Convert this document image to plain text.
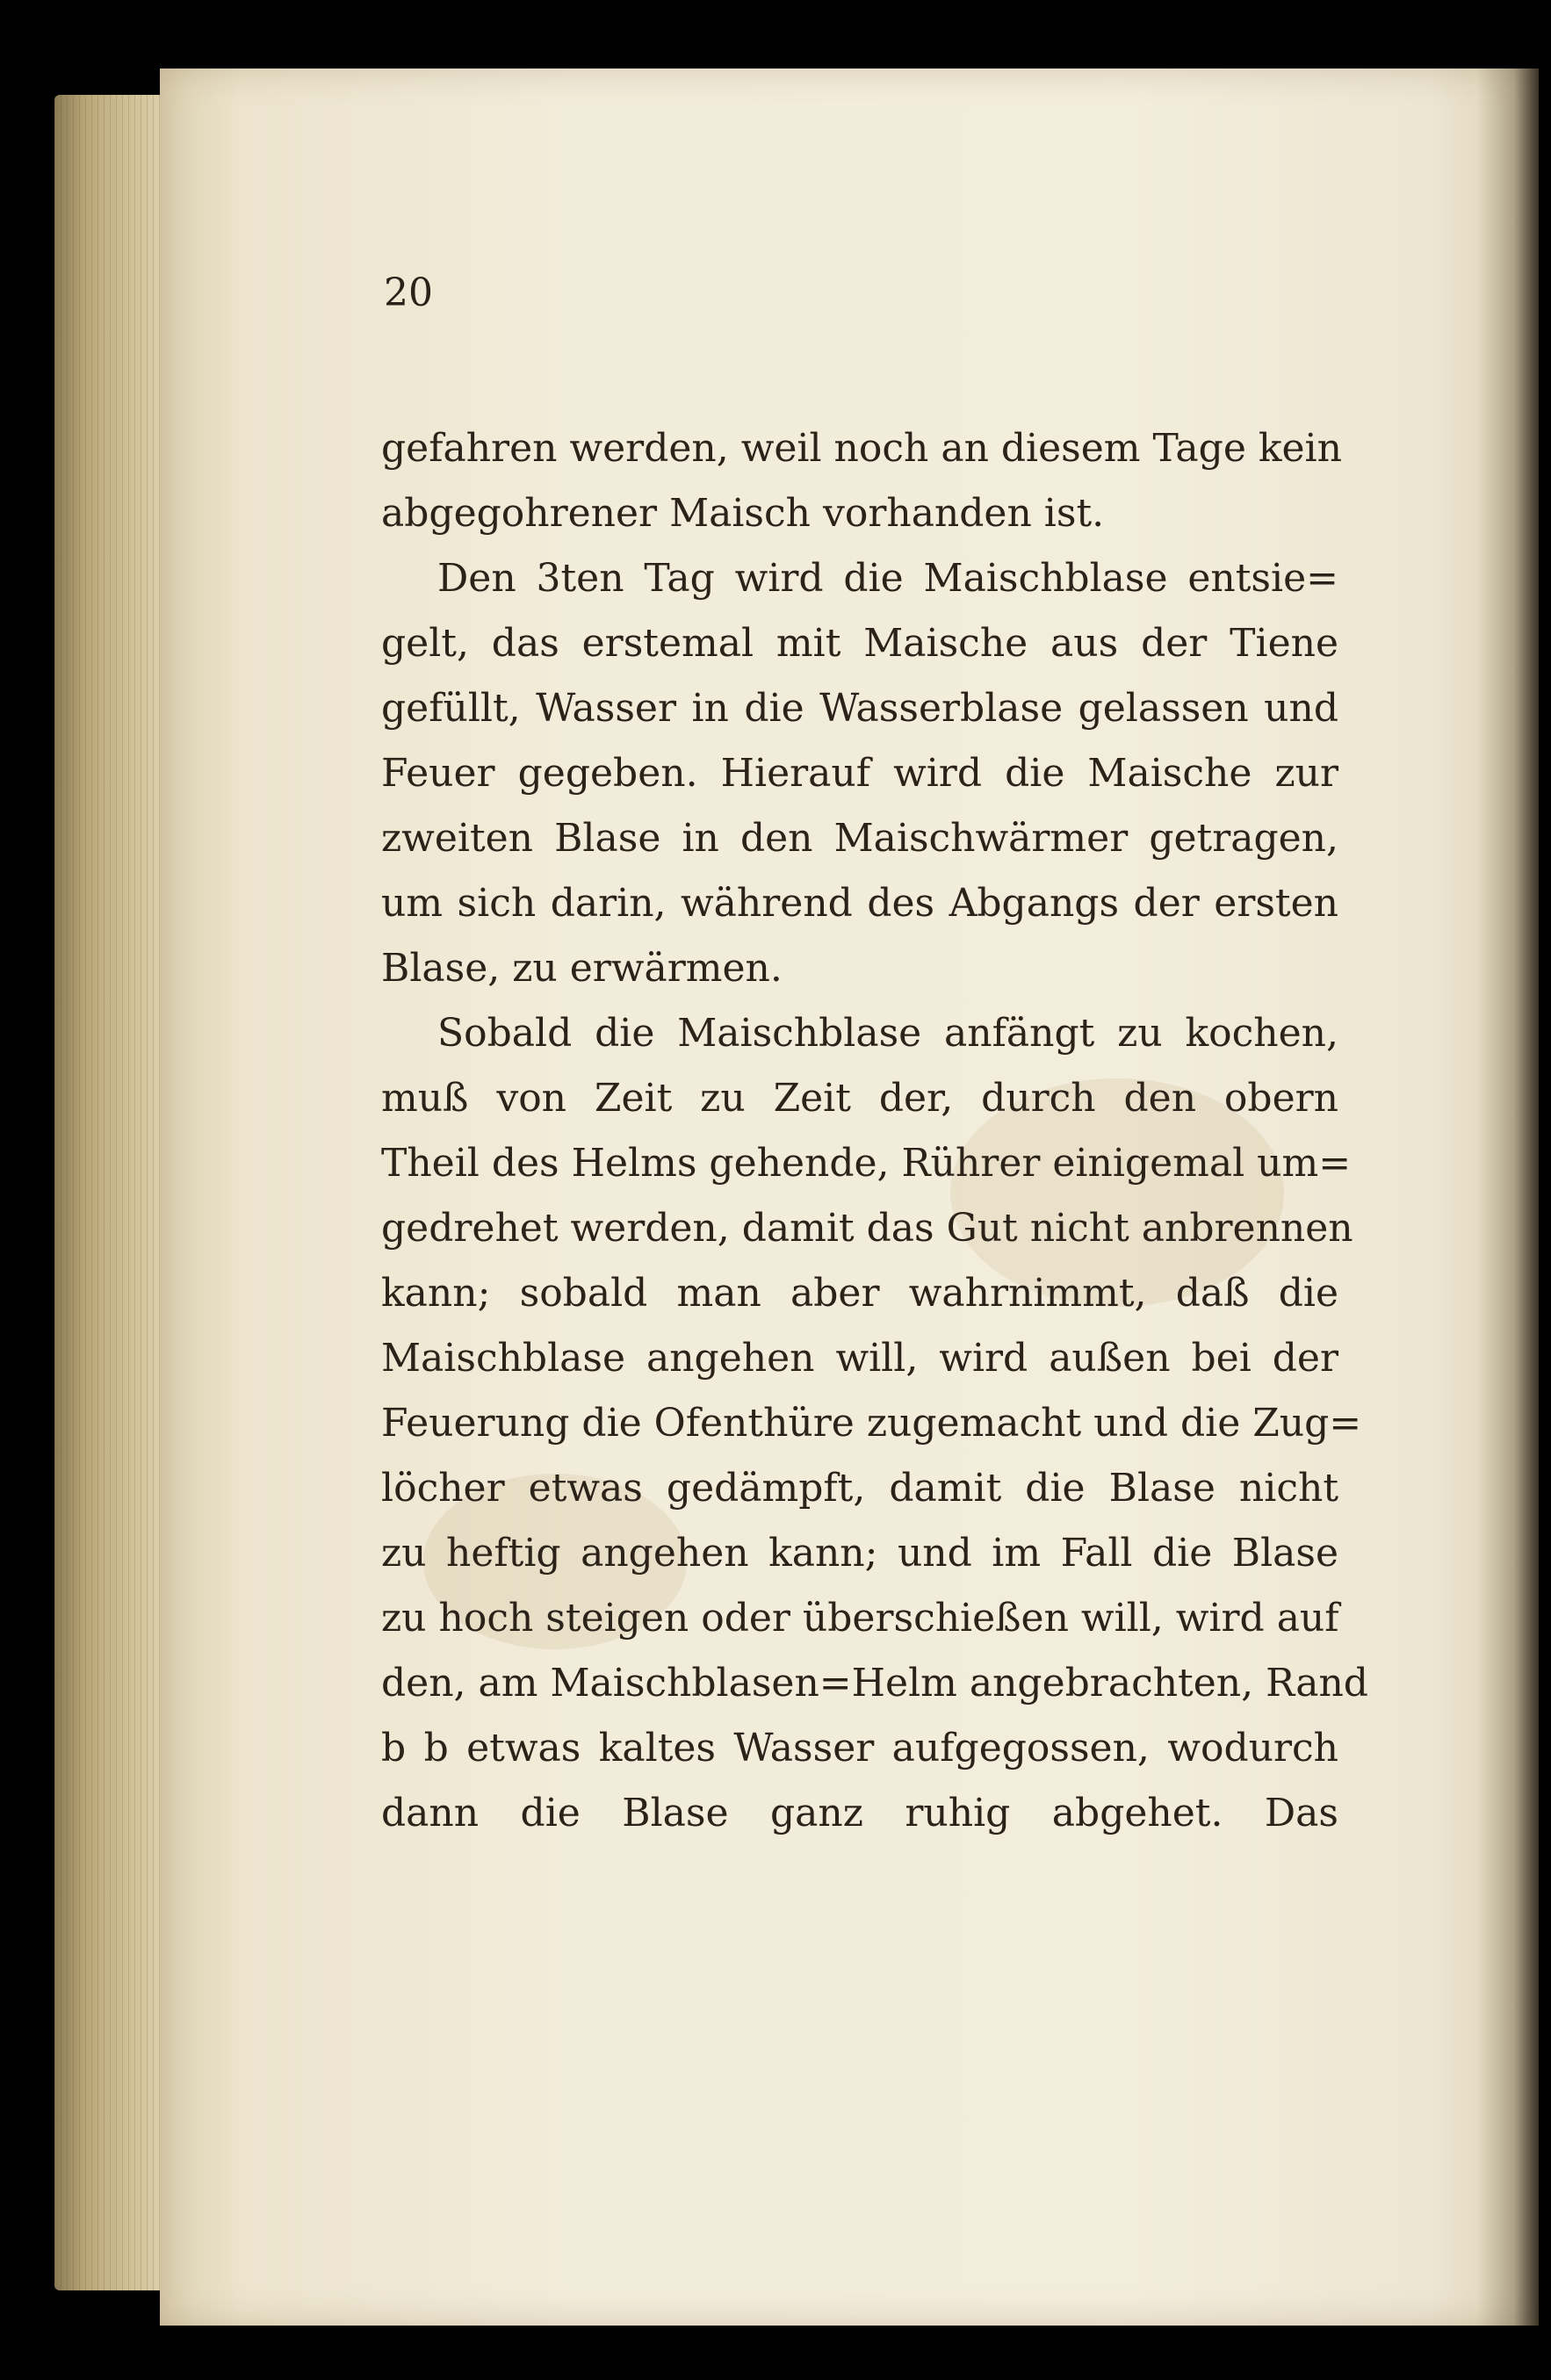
20

gefahren werden, weil noch an diesem Tage kein

abgegohrener Maisch vorhanden ist.

Den 3ten Tag wird die Maischblase entsie=

gelt, das erstemal mit Maische aus der Tiene

gefüllt, Wasser in die Wasserblase gelassen und

Feuer gegeben. Hierauf wird die Maische zur

zweiten Blase in den Maischwärmer getragen,

um sich darin, während des Abgangs der ersten

Blase, zu erwärmen.

Sobald die Maischblase anfängt zu kochen,

muß von Zeit zu Zeit der, durch den obern

Theil des Helms gehende, Rührer einigemal um=

gedrehet werden, damit das Gut nicht anbrennen

kann; sobald man aber wahrnimmt, daß die

Maischblase angehen will, wird außen bei der

Feuerung die Ofenthüre zugemacht und die Zug=

löcher etwas gedämpft, damit die Blase nicht

zu heftig angehen kann; und im Fall die Blase

zu hoch steigen oder überschießen will, wird auf

den, am Maischblasen=Helm angebrachten, Rand

b b etwas kaltes Wasser aufgegossen, wodurch

dann die Blase ganz ruhig abgehet. Das
